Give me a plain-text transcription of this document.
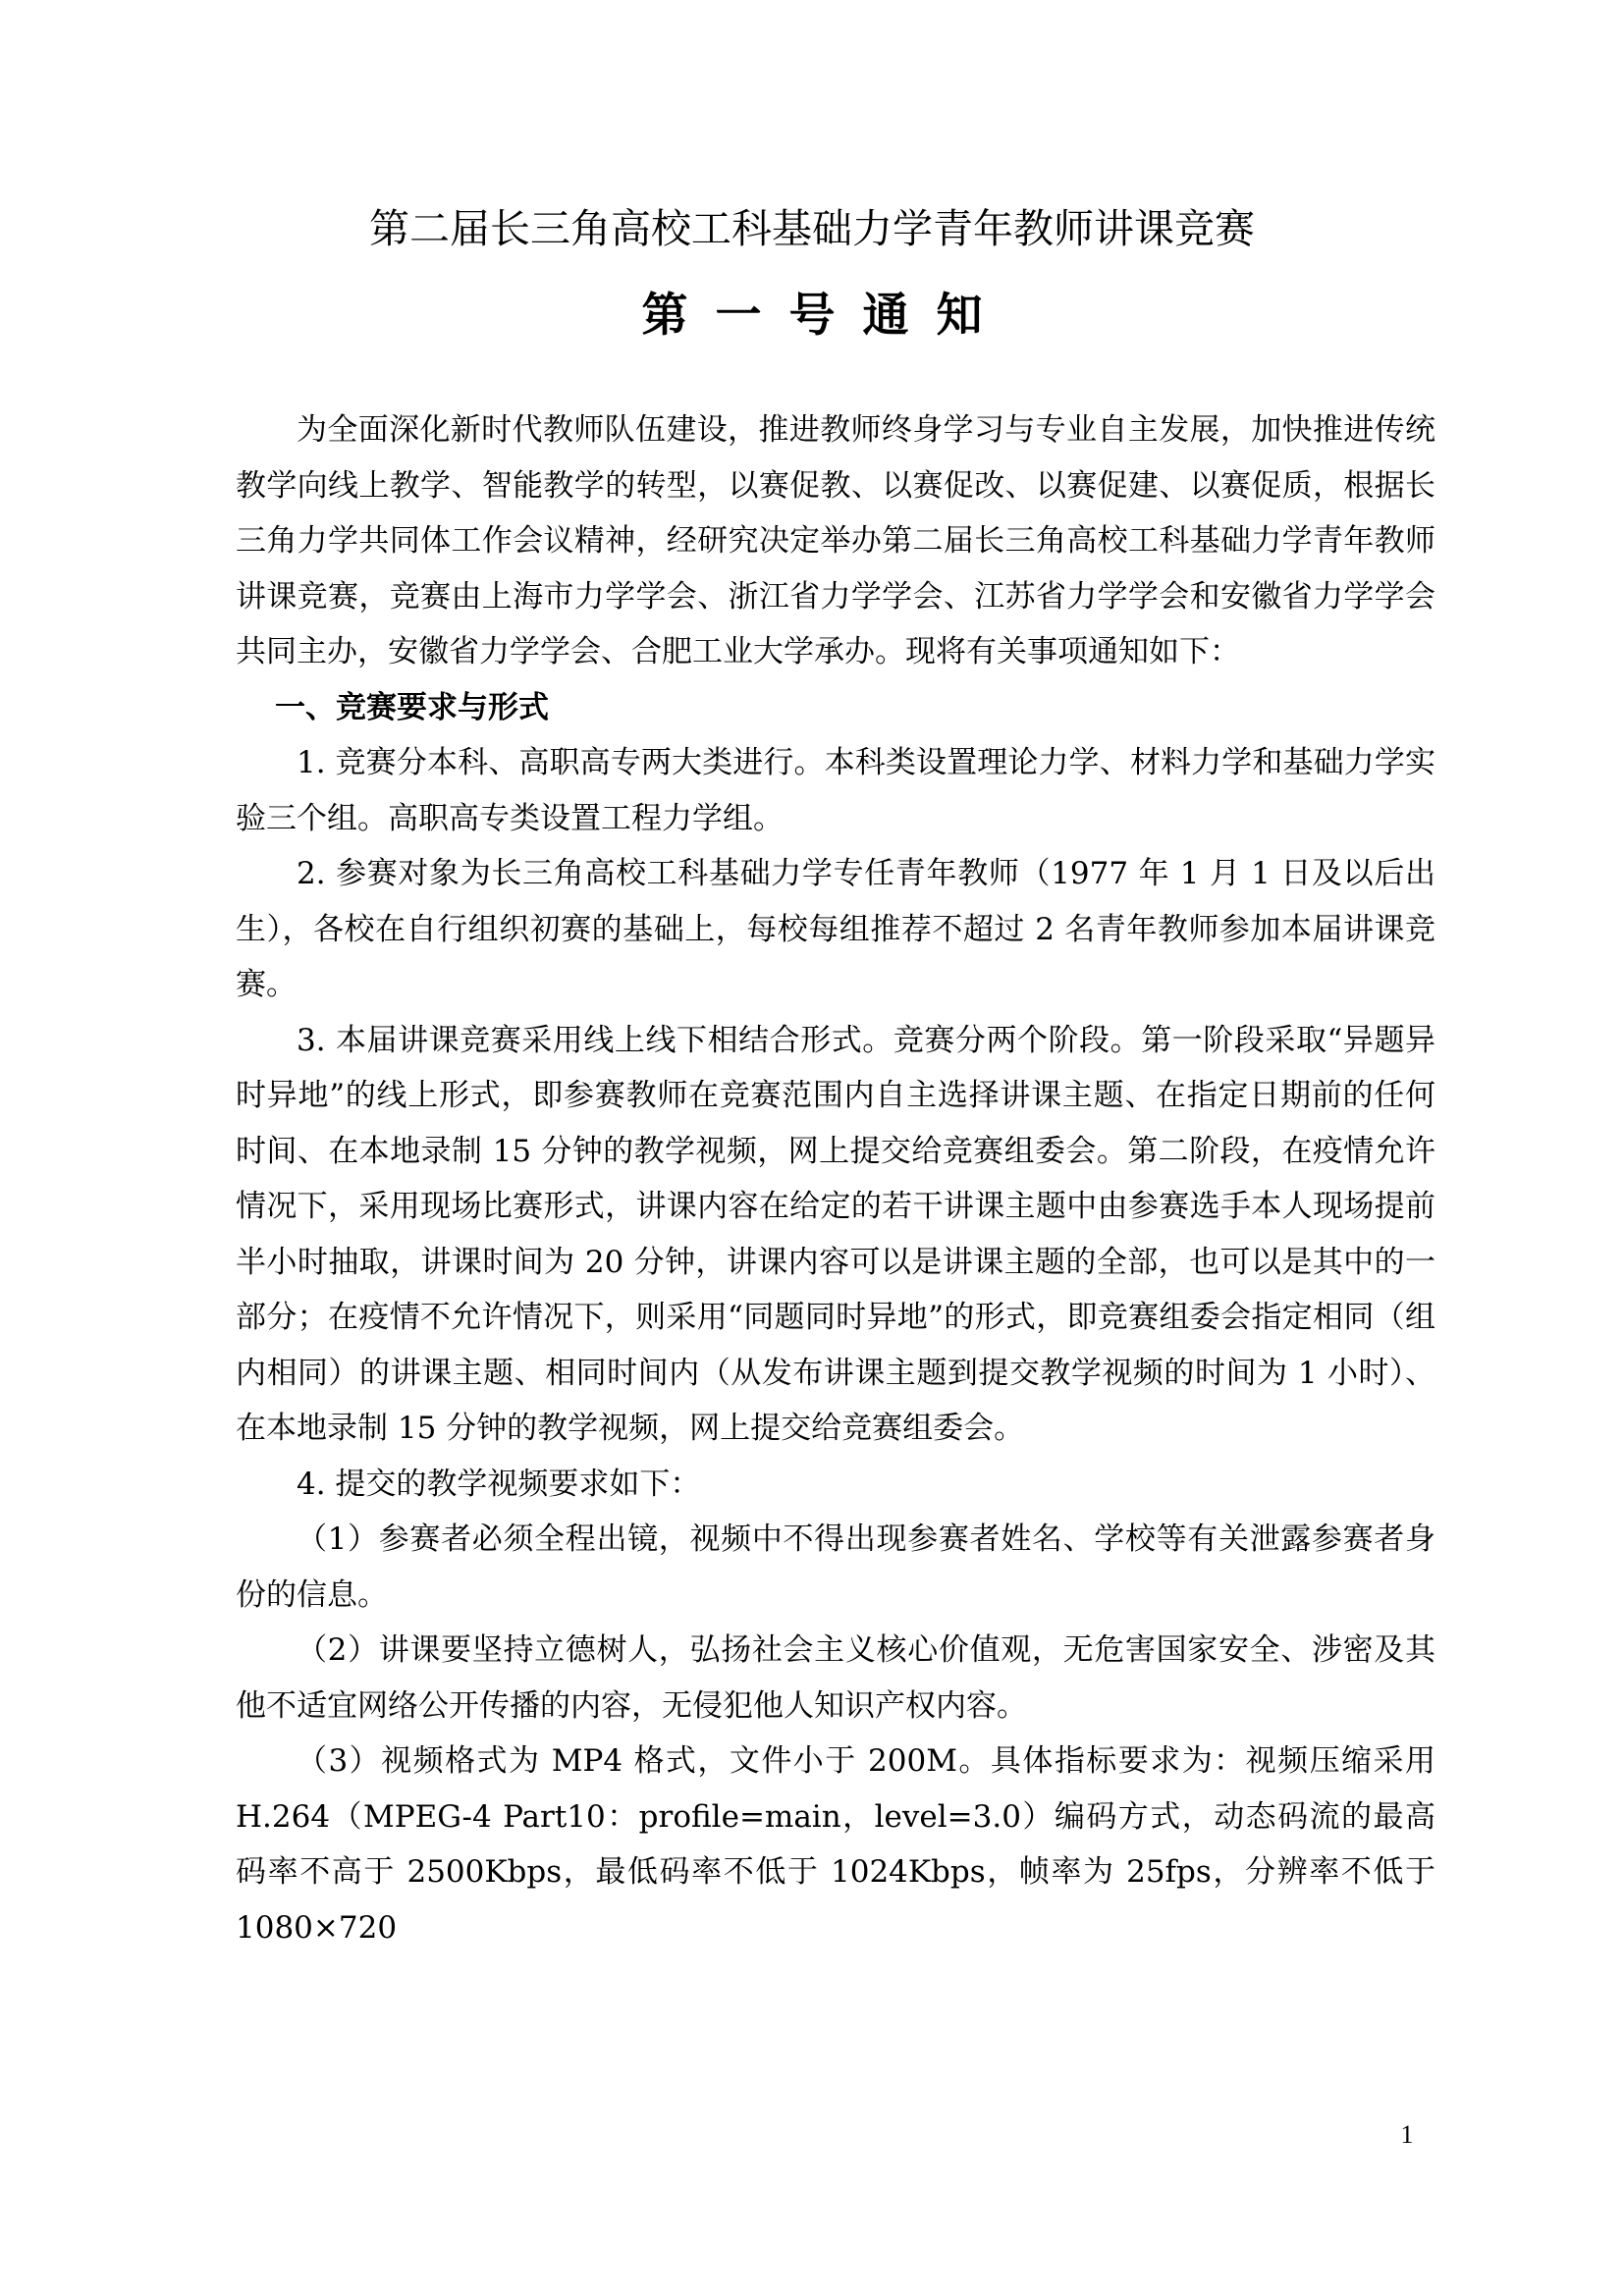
第二届长三角高校工科基础力学青年教师讲课竞赛
第一号通知

为全面深化新时代教师队伍建设，推进教师终身学习与专业自主发展，加快推进传统教学向线上教学、智能教学的转型，以赛促教、以赛促改、以赛促建、以赛促质，根据长三角力学共同体工作会议精神，经研究决定举办第二届长三角高校工科基础力学青年教师讲课竞赛，竞赛由上海市力学学会、浙江省力学学会、江苏省力学学会和安徽省力学学会共同主办，安徽省力学学会、合肥工业大学承办。现将有关事项通知如下：

一、竞赛要求与形式

1. 竞赛分本科、高职高专两大类进行。本科类设置理论力学、材料力学和基础力学实验三个组。高职高专类设置工程力学组。

2. 参赛对象为长三角高校工科基础力学专任青年教师（1977 年 1 月 1 日及以后出生），各校在自行组织初赛的基础上，每校每组推荐不超过 2 名青年教师参加本届讲课竞赛。

3. 本届讲课竞赛采用线上线下相结合形式。竞赛分两个阶段。第一阶段采取“异题异时异地”的线上形式，即参赛教师在竞赛范围内自主选择讲课主题、在指定日期前的任何时间、在本地录制 15 分钟的教学视频，网上提交给竞赛组委会。第二阶段，在疫情允许情况下，采用现场比赛形式，讲课内容在给定的若干讲课主题中由参赛选手本人现场提前半小时抽取，讲课时间为 20 分钟，讲课内容可以是讲课主题的全部，也可以是其中的一部分；在疫情不允许情况下，则采用“同题同时异地”的形式，即竞赛组委会指定相同（组内相同）的讲课主题、相同时间内（从发布讲课主题到提交教学视频的时间为 1 小时）、在本地录制 15 分钟的教学视频，网上提交给竞赛组委会。

4. 提交的教学视频要求如下：

（1）参赛者必须全程出镜，视频中不得出现参赛者姓名、学校等有关泄露参赛者身份的信息。

（2）讲课要坚持立德树人，弘扬社会主义核心价值观，无危害国家安全、涉密及其他不适宜网络公开传播的内容，无侵犯他人知识产权内容。

（3）视频格式为 MP4 格式，文件小于 200M。具体指标要求为：视频压缩采用 H.264（MPEG-4 Part10：profile=main，level=3.0）编码方式，动态码流的最高码率不高于 2500Kbps，最低码率不低于 1024Kbps，帧率为 25fps，分辨率不低于 1080×720

1
